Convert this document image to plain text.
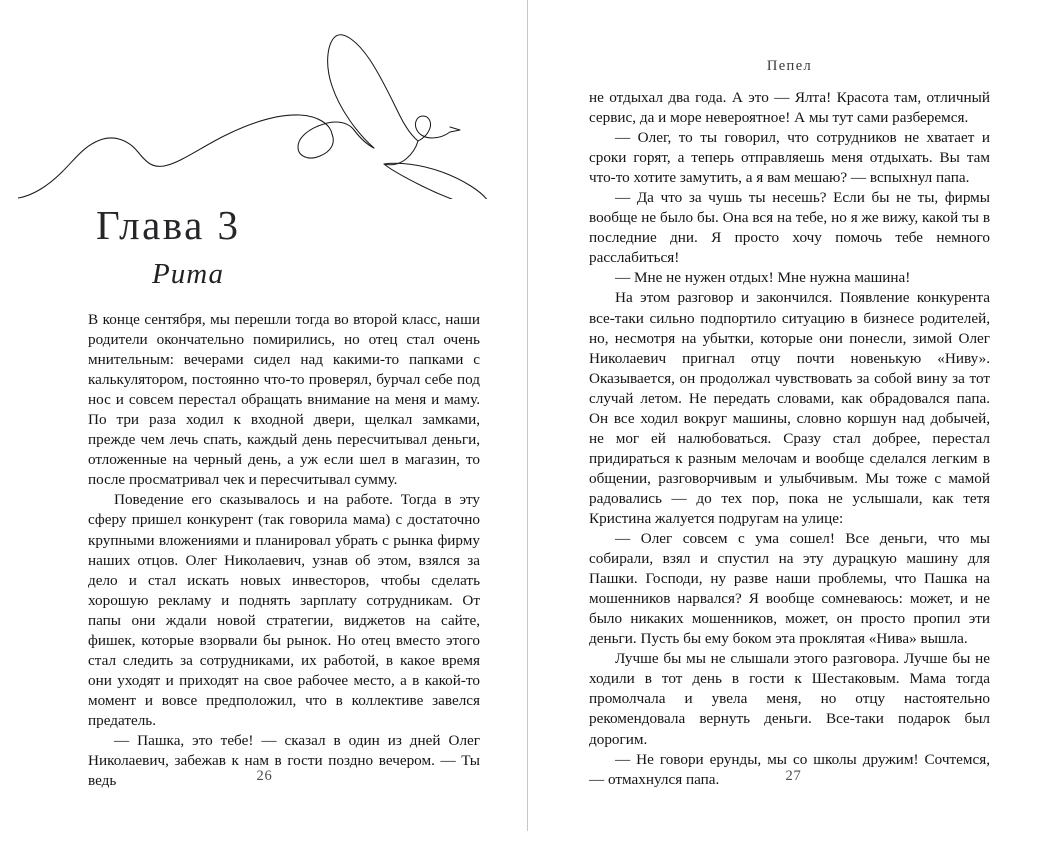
Глава 3
Рита

В конце сентября, мы перешли тогда во второй класс, наши родители окончательно помирились, но отец стал очень мнительным: вечерами сидел над какими-то папками с калькулятором, постоянно что-то проверял, бурчал себе под нос и совсем перестал обращать внимание на меня и маму. По три раза ходил к входной двери, щелкал замками, прежде чем лечь спать, каждый день пересчитывал деньги, отложенные на черный день, а уж если шел в магазин, то после просматривал чек и пересчитывал сумму.

Поведение его сказывалось и на работе. Тогда в эту сферу пришел конкурент (так говорила мама) с достаточно крупными вложениями и планировал убрать с рынка фирму наших отцов. Олег Николаевич, узнав об этом, взялся за дело и стал искать новых инвесторов, чтобы сделать хорошую рекламу и поднять зарплату сотрудникам. От папы они ждали новой стратегии, виджетов на сайте, фишек, которые взорвали бы рынок. Но отец вместо этого стал следить за сотрудниками, их работой, в какое время они уходят и приходят на свое рабочее место, а в какой-то момент и вовсе предположил, что в коллективе завелся предатель.

— Пашка, это тебе! — сказал в один из дней Олег Николаевич, забежав к нам в гости поздно вечером. — Ты ведь	26
Пепел

не отдыхал два года. А это — Ялта! Красота там, отличный сервис, да и море невероятное! А мы тут сами разберемся.

— Олег, то ты говорил, что сотрудников не хватает и сроки горят, а теперь отправляешь меня отдыхать. Вы там что-то хотите замутить, а я вам мешаю? — вспыхнул папа.

— Да что за чушь ты несешь? Если бы не ты, фирмы вообще не было бы. Она вся на тебе, но я же вижу, какой ты в последние дни. Я просто хочу помочь тебе немного расслабиться!

— Мне не нужен отдых! Мне нужна машина!

На этом разговор и закончился. Появление конкурента все-таки сильно подпортило ситуацию в бизнесе родителей, но, несмотря на убытки, которые они понесли, зимой Олег Николаевич пригнал отцу почти новенькую «Ниву». Оказывается, он продолжал чувствовать за собой вину за тот случай летом. Не передать словами, как обрадовался папа. Он все ходил вокруг машины, словно коршун над добычей, не мог ей налюбоваться. Сразу стал добрее, перестал придираться к разным мелочам и вообще сделался легким в общении, разговорчивым и улыбчивым. Мы тоже с мамой радовались — до тех пор, пока не услышали, как тетя Кристина жалуется подругам на улице:

— Олег совсем с ума сошел! Все деньги, что мы собирали, взял и спустил на эту дурацкую машину для Пашки. Господи, ну разве наши проблемы, что Пашка на мошенников нарвался? Я вообще сомневаюсь: может, и не было никаких мошенников, может, он просто пропил эти деньги. Пусть бы ему боком эта проклятая «Нива» вышла.

Лучше бы мы не слышали этого разговора. Лучше бы не ходили в тот день в гости к Шестаковым. Мама тогда промолчала и увела меня, но отцу настоятельно рекомендовала вернуть деньги. Все-таки подарок был дорогим.

— Не говори ерунды, мы со школы дружим! Сочтемся, — отмахнулся папа.	27
